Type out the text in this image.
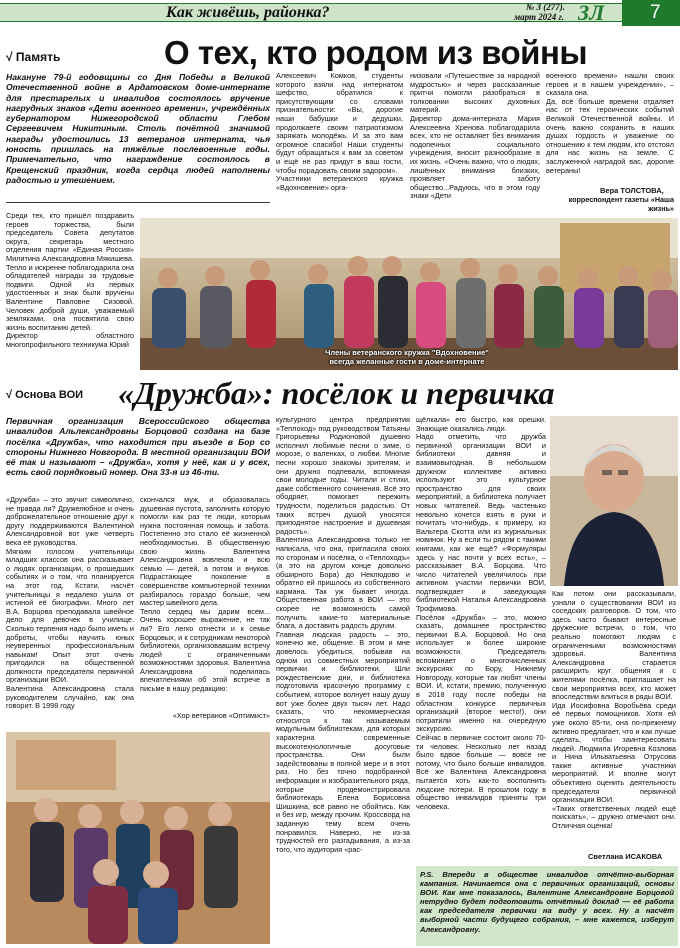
Как живёшь, районка?	№ 3 (277).
март 2024 г. ЗЛ 7
√ Память	О тех, кто родом из войны
Накануне 79-й годовщины со Дня Победы в Великой Отечественной войне в Ардатовском доме-интернате для престарелых и инвалидов состоялось вручение нагрудных знаков «Дети военного времени», учреждённых губернатором Нижегородской области Глебом Сергеевичем Никитиным. Столь почётной значимой награды удостоились 13 ветеранов интерната, чья юность пришлась на тяжёлые послевоенные годы. Примечательно, что награждение состоялось в Крещенский праздник, когда сердца людей наполнены радостью и утешением.
Алексеевич Комков, студенты которого взяли над интернатом шефство, обратился к присутствующим со словами признательности: «Вы, дорогие наши бабушки и дедушки, продолжаете своим патриотизмом заряжать молодёжь. И за это вам огромное спасибо! Наши студенты будут обращаться к вам за советом и ещё не раз придут в ваш гости, чтобы порадовать своим задором».
Участники ветеранского кружка «Вдохновение» орга-
низовали «Путешествие за народной мудростью» и через рассказанные притчи помогли разобраться в толковании высоких духовных материй.
Директор дома-интерната Мария Алексеевна Хренова поблагодарила всех, кто не оставляет без внимания подопечных социального учреждения, вносит разнообразие в их жизнь. «Очень важно, что о людях, лишённых внимания близких, проявляет заботу общество...Радуюсь, что в этом году знаки «Дети
военного времени» нашли своих героев и в нашем учреждении», – сказала она.
Да, всё больше времени отдаляет нас от тех героических событий Великой Отечественной войны. И очень важно сохранить в наших душах гордость и уважение по отношению к тем людям, кто отстоял для нас жизнь на земле. С заслуженной наградой вас, дорогие ветераны!
Вера ТОЛСТОВА,
корреспондент газеты «Наша жизнь»
Среди тех, кто пришёл поздравить героев торжества, были председатель Совета депутатов округа, секретарь местного отделения партии «Единая Россия» Милитина Александровна Мякишева. Тепло и искренне поблагодарила она обладателей награды за трудовые подвиги. Одной из первых удостоенных и знак были вручены Валентине Павловне Сизовой. Человек доброй души, уважаемый земляками, она посвятила свою жизнь воспитанию детей.
Директор областного многопрофильного техникума Юрий
Члены ветеранского кружка "Вдохновение" всегда желанные гости в доме-интернате
√ Основа ВОИ «Дружба»: посёлок и первичка
Первичная организация Всероссийского общества инвалидов Альлександровны Борцовой создана на базе посёлка «Дружба», что находится при въезде в Бор со стороны Нижнего Новгорода. В местной организации ВОИ её так и называют – «Дружба», хотя у неё, как и у всех, есть свой порядковый номер. Она 33-я из 46-ти.
«Дружба» – это звучит символично, не правда ли? Дружелюбное и очень доброжелательное отношение друг к другу поддерживаются Валентиной Александровной вот уже четверть века её руководства.
Мягким голосом учительницы младших классов она рассказывает о людях организации, о прошедших событиях и о том, что планируется на этот год. Кстати, насчёт учительницы я недалеко ушла от истиной её биографии. Много лет В.А. Борцова преподавала швейное дело для девочек в училище. Сколько терпения надо было иметь и доброты, чтобы научить юных неуверенных профессиональным навыкам! Опыт этот очень пригодился на общественной должности председателя первичной организации ВОИ.
Валентина Александровна стала руководителем случайно, как она говорит. В 1998 году
скончался муж, и образовалась душевная пустота, заполнить которую помогли как раз те люди, которым нужна постоянная помощь и забота. Постепенно это стало её жизненной необходимостью. В общественную свою жизнь Валентина Александровна вовлекла и всю семью — детей, а потом и внуков. Подрастающее поколение в совершенстве компьютерной техники разбиралось гораздо больше, чем мастер швейного дела.
Тепло сердец мы дарим всем... Очень хорошее выражение, не так ли? Его легко отнести и к семье Борцовых, и к сотрудникам некоторой библиотеки, организовавшим встречу людей с ограниченными возможностями здоровья. Валентина Александровна поделилась впечатлениями об этой встрече в письме в нашу редакцию:
«Хор ветеранов «Оптимист»
культурного центра предприятия «Теплоход» под руководством Татьяны Григорьевны Родионовой душевно исполнил любимые песни о зиме, о морозе, о валенках, о любви. Многие песни хорошо знакомы зрителям, и они дружно подпевали, вспоминая свои молодые годы. Читали и стихи, даже собственного сочинения. Всё это ободряет, помогает пережить трудности, поделиться радостью. От таких встреч душой уносятся приподнятое настроение и душевная радость».
Валентина Александровна только не написала, что она, пригласила своих по сторонам и посёлка, о «Теплоходъ» (а это на другом конце довольно обширного Бора) до Неклюдово и обратно ей пришлось из собственного кармана. Так уж бывает иногда. Общественная работа в ВОИ — это скорее не возможность самой получить какие-то материальные блага, а доставить радость другим.
Главная людская радость – это, конечно же, общение. В этом и мне довелось убедиться, побывав на одном из совместных мероприятий первички и библиотеки. Шли рождественские дни, и библиотека подготовила красочную программу с событием, которое волнует нашу душу вот уже более двух тысяч лет. Надо сказать, что некоммерческая относится к так называемым модульным библиотекам, для которых характерна современные высокотехнологичные досуговые пространства. Они были задействованы в полной мере и в этот раз. Но без точно подобранной информации и изобразительного ряда, которые продемонстрировала библиотекарь Елена Борисовна Шишкина, всё равно не обойтись. Как и без игр, между прочим. Кроссворд на заданную тему всем очень понравился. Наверно, не из-за трудностей его разгадывания, а из-за того, что аудитория «рас-
щёлкала» его быстро, как орешки. Знающие оказались люди.
Надо отметить, что дружба первичной организации ВОИ и библиотеки давняя и взаимовыгодная. В небольшом дружном коллективе активно используют это культурное пространство для своих мероприятий, а библиотека получает новых читателей. Ведь частенько невольно хочется взять в руки и почитать что-нибудь, к примеру, из Вальтера Скотта или из журнальных новинок. Ну а если ты рядом с такими книгами, как же ещё? «Формуляры здесь у нас почти у всех есть», – рассказывает В.А. Борцова. Что число читателей увеличилось при активном участии первички ВОИ, подтверждает и заведующая библиотекой Наталья Александровна Трофимова.
Посёлок «Дружба» – это, можно сказать, домашнее пространство первички В.А. Борцовой. Но она использует и более широкие возможности. Председатель вспоминает о многочисленных экскурсиях по Бору, Нижнему Новгороду, которые так любят члены ВОИ. И, кстати, премию, полученную в 2018 году после победы на областном конкурсе первичных организаций (второе место!), они потратили именно на очередную экскурсию.
Сейчас в первичке состоит около 70-ти человек. Несколько лет назад было вдвое больше — вовсе не потому, что было больше инвалидов. Всё же Валентина Александровна пытается хоть как-то восполнить людские потери. В прошлом году в общество инвалидов приняты три человека.
Как потом они рассказывали, узнали о существовании ВОИ из соседских разговоров. О том, что здесь часто бывают интересные дружеские встречи, о том, что реально помогают людям с ограниченными возможностями здоровья. Валентина Александровна старается расширить круг общения и с жителями посёлка, приглашает на свои мероприятия всех, кто может впоследствии влиться в ряды ВОИ.
Ида Иосифовна Воробьёва среди её первых помощников. Хотя ей уже около 85-ти, она по-прежнему активно предлагает, что и как лучше сделать, чтобы заинтересовать людей. Людмила Игоревна Козлова и Нина Ильватьевна Отрусова также активные участники мероприятий. И вполне могут объективно оценить деятельность председателя первичной организации ВОИ.
«Таких ответственных людей ещё поискать», – дружно отмечают они. Отличная оценка!
Светлана ИСАКОВА
P.S. Впереди в обществе инвалидов отчётно-выборная кампания. Начинается она с первичных организаций, основы ВОИ. Как мне показалось, Валентине Александровне Борцовой нетрудно будет подготовить отчётный доклад — её работа как председателя первички на виду у всех. Ну а насчёт выборной части будущего собрания, – мне кажется, изберут Александровну.
